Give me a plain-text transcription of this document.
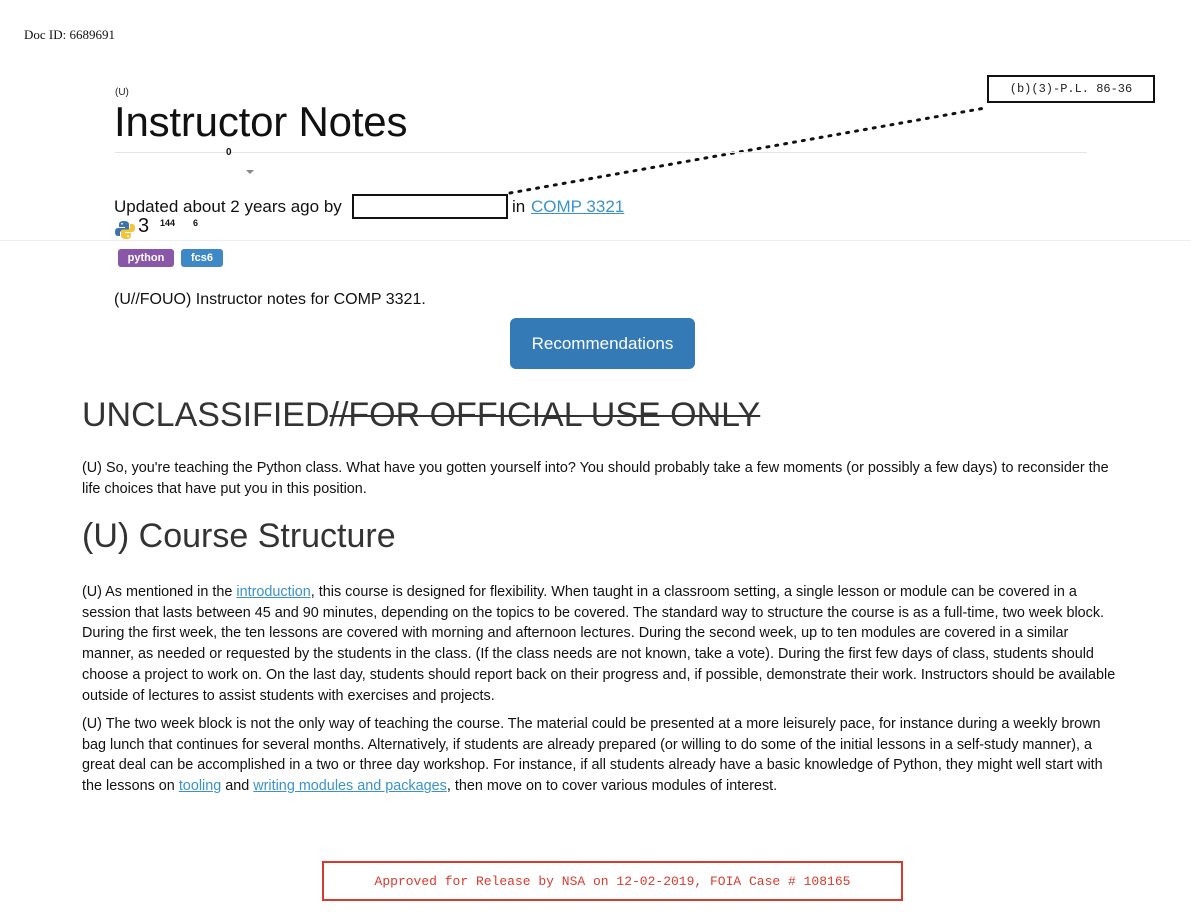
Doc ID: 6689691
(b)(3)-P.L. 86-36
(U)
Instructor Notes
0
Updated about 2 years ago by	in COMP 3321
3 144 6
python	fcs6
(U//FOUO) Instructor notes for COMP 3321.
Recommendations
UNCLASSIFIED//FOR OFFICIAL USE ONLY

(U) So, you're teaching the Python class. What have you gotten yourself into? You should probably take a few moments (or possibly a few days) to reconsider the life choices that have put you in this position.

(U) Course Structure

(U) As mentioned in the introduction, this course is designed for flexibility. When taught in a classroom setting, a single lesson or module can be covered in a session that lasts between 45 and 90 minutes, depending on the topics to be covered. The standard way to structure the course is as a full-time, two week block. During the first week, the ten lessons are covered with morning and afternoon lectures. During the second week, up to ten modules are covered in a similar manner, as needed or requested by the students in the class. (If the class needs are not known, take a vote). During the first few days of class, students should choose a project to work on. On the last day, students should report back on their progress and, if possible, demonstrate their work. Instructors should be available outside of lectures to assist students with exercises and projects.

(U) The two week block is not the only way of teaching the course. The material could be presented at a more leisurely pace, for instance during a weekly brown bag lunch that continues for several months. Alternatively, if students are already prepared (or willing to do some of the initial lessons in a self-study manner), a great deal can be accomplished in a two or three day workshop. For instance, if all students already have a basic knowledge of Python, they might well start with the lessons on tooling and writing modules and packages, then move on to cover various modules of interest.

Approved for Release by NSA on 12-02-2019, FOIA Case # 108165
